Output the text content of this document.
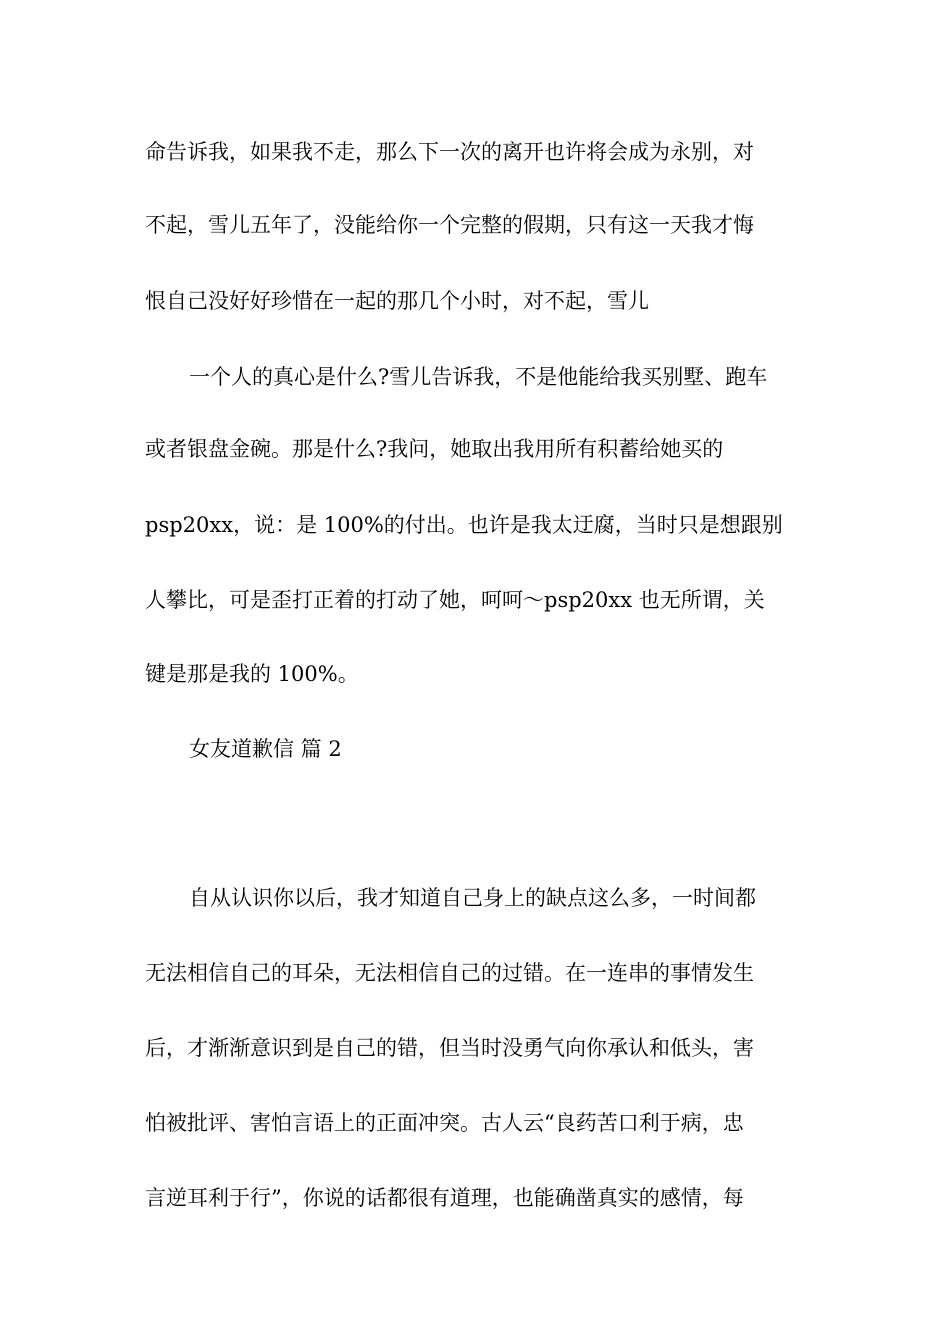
命告诉我，如果我不走，那么下一次的离开也许将会成为永别，对
不起，雪儿五年了，没能给你一个完整的假期，只有这一天我才悔
恨自己没好好珍惜在一起的那几个小时，对不起，雪儿
一个人的真心是什么?雪儿告诉我，不是他能给我买别墅、跑车
或者银盘金碗。那是什么?我问，她取出我用所有积蓄给她买的
psp20xx，说：是 100%的付出。也许是我太迂腐，当时只是想跟别
人攀比，可是歪打正着的打动了她，呵呵～psp20xx 也无所谓，关
键是那是我的 100%。
女友道歉信 篇 2
自从认识你以后，我才知道自己身上的缺点这么多，一时间都
无法相信自己的耳朵，无法相信自己的过错。在一连串的事情发生
后，才渐渐意识到是自己的错，但当时没勇气向你承认和低头，害
怕被批评、害怕言语上的正面冲突。古人云“良药苦口利于病，忠
言逆耳利于行”，你说的话都很有道理，也能确凿真实的感情，每
